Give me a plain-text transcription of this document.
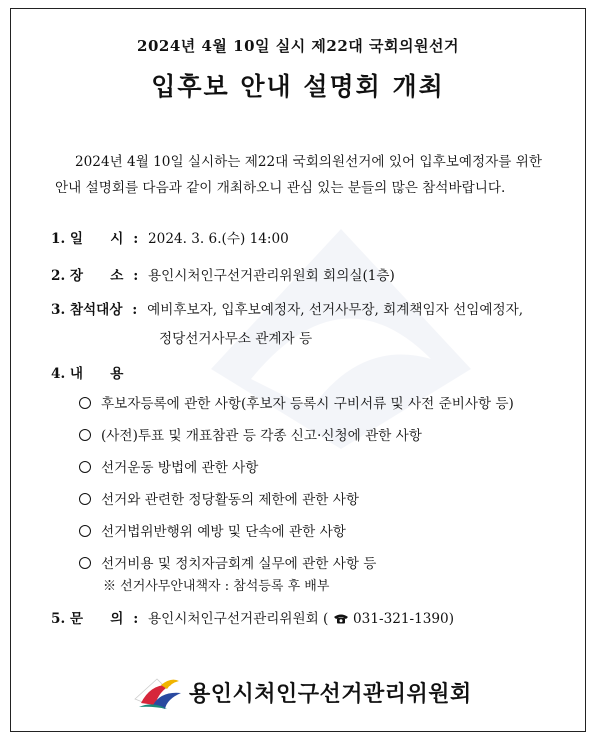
2024년 4월 10일 실시 제22대 국회의원선거
입후보 안내 설명회 개최
2024년 4월 10일 실시하는 제22대 국회의원선거에 있어 입후보예정자를 위한
안내 설명회를 다음과 같이 개최하오니 관심 있는 분들의 많은 참석바랍니다.
1. 일　　시 : 2024. 3. 6.(수) 14:00
2. 장　　소 : 용인시처인구선거관리위원회 회의실(1층)
3. 참석대상 : 예비후보자, 입후보예정자, 선거사무장, 회계책임자 선임예정자,
정당선거사무소 관계자 등
4. 내　　용
후보자등록에 관한 사항(후보자 등록시 구비서류 및 사전 준비사항 등)
(사전)투표 및 개표참관 등 각종 신고·신청에 관한 사항
선거운동 방법에 관한 사항
선거와 관련한 정당활동의 제한에 관한 사항
선거법위반행위 예방 및 단속에 관한 사항
선거비용 및 정치자금회계 실무에 관한 사항 등
※ 선거사무안내책자 : 참석등록 후 배부
5. 문　　의 : 용인시처인구선거관리위원회 ( 031-321-1390)
용인시처인구선거관리위원회
